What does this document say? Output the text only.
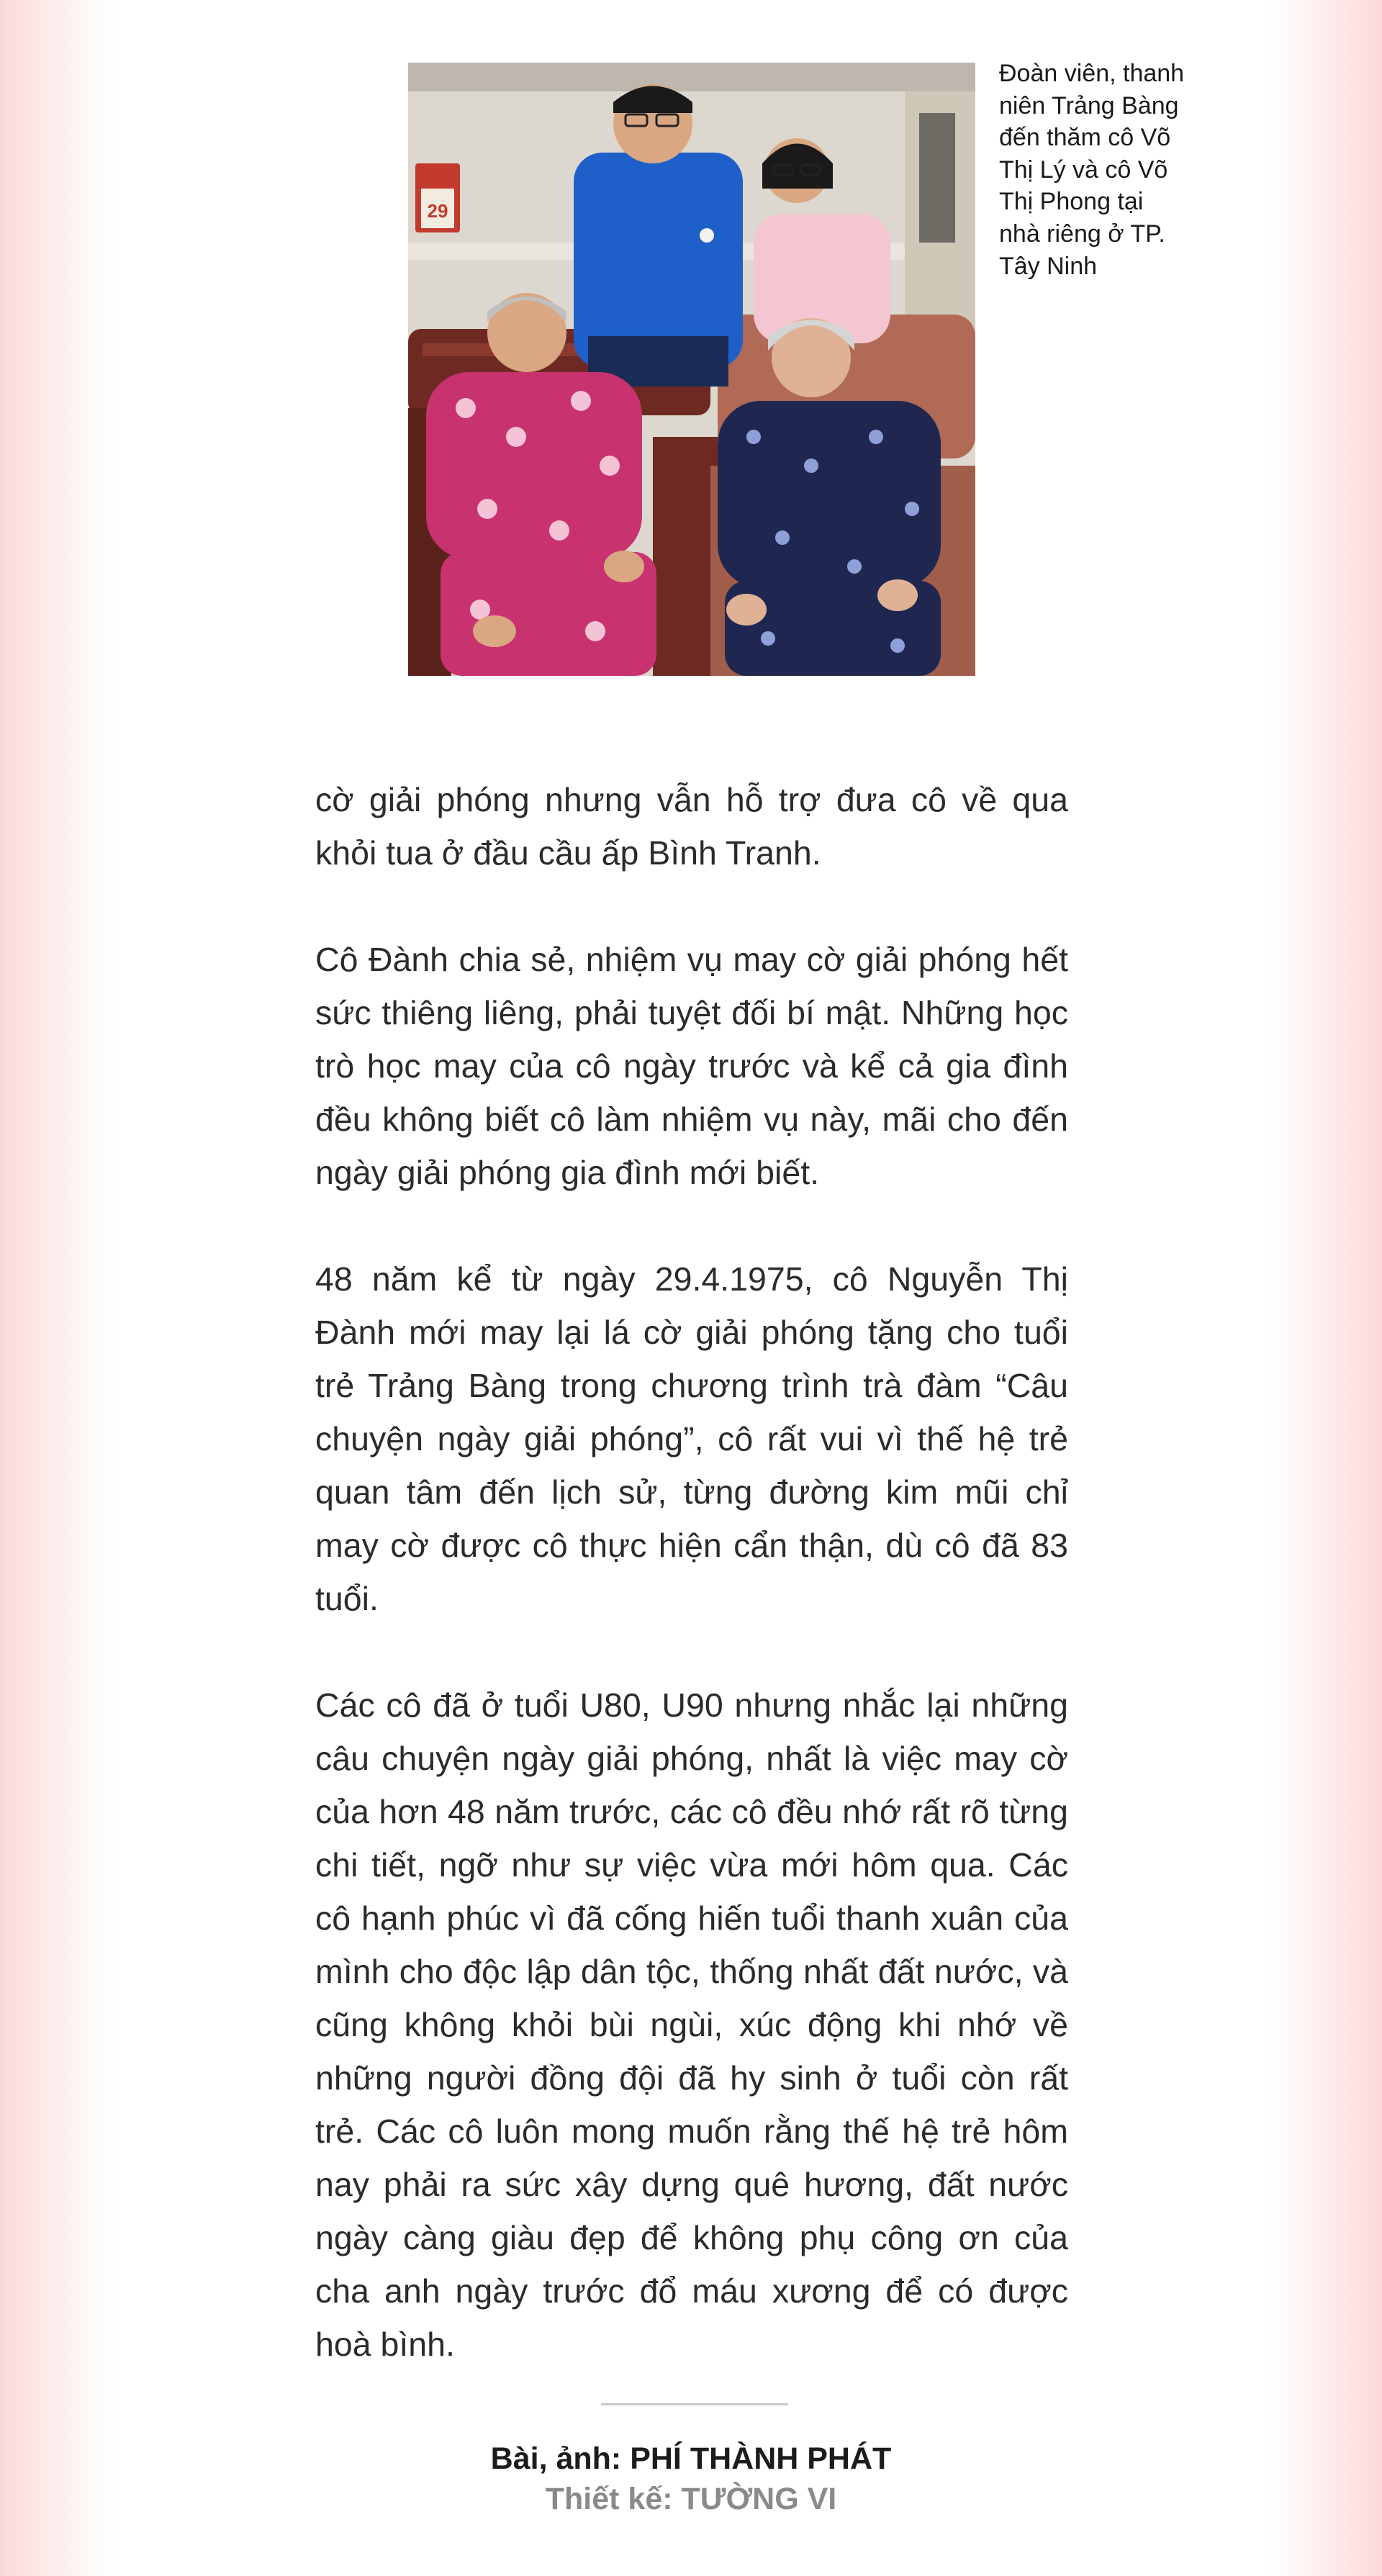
29

Đoàn viên, thanh niên Trảng Bàng đến thăm cô Võ Thị Lý và cô Võ Thị Phong tại nhà riêng ở TP. Tây Ninh

cờ giải phóng nhưng vẫn hỗ trợ đưa cô về qua khỏi tua ở đầu cầu ấp Bình Tranh.

Cô Đành chia sẻ, nhiệm vụ may cờ giải phóng hết sức thiêng liêng, phải tuyệt đối bí mật. Những học trò học may của cô ngày trước và kể cả gia đình đều không biết cô làm nhiệm vụ này, mãi cho đến ngày giải phóng gia đình mới biết.

48 năm kể từ ngày 29.4.1975, cô Nguyễn Thị Đành mới may lại lá cờ giải phóng tặng cho tuổi trẻ Trảng Bàng trong chương trình trà đàm “Câu chuyện ngày giải phóng”, cô rất vui vì thế hệ trẻ quan tâm đến lịch sử, từng đường kim mũi chỉ may cờ được cô thực hiện cẩn thận, dù cô đã 83 tuổi.

Các cô đã ở tuổi U80, U90 nhưng nhắc lại những câu chuyện ngày giải phóng, nhất là việc may cờ của hơn 48 năm trước, các cô đều nhớ rất rõ từng chi tiết, ngỡ như sự việc vừa mới hôm qua. Các cô hạnh phúc vì đã cống hiến tuổi thanh xuân của mình cho độc lập dân tộc, thống nhất đất nước, và cũng không khỏi bùi ngùi, xúc động khi nhớ về những người đồng đội đã hy sinh ở tuổi còn rất trẻ. Các cô luôn mong muốn rằng thế hệ trẻ hôm nay phải ra sức xây dựng quê hương, đất nước ngày càng giàu đẹp để không phụ công ơn của cha anh ngày trước đổ máu xương để có được hoà bình.

Bài, ảnh: PHÍ THÀNH PHÁT

Thiết kế: TƯỜNG VI
